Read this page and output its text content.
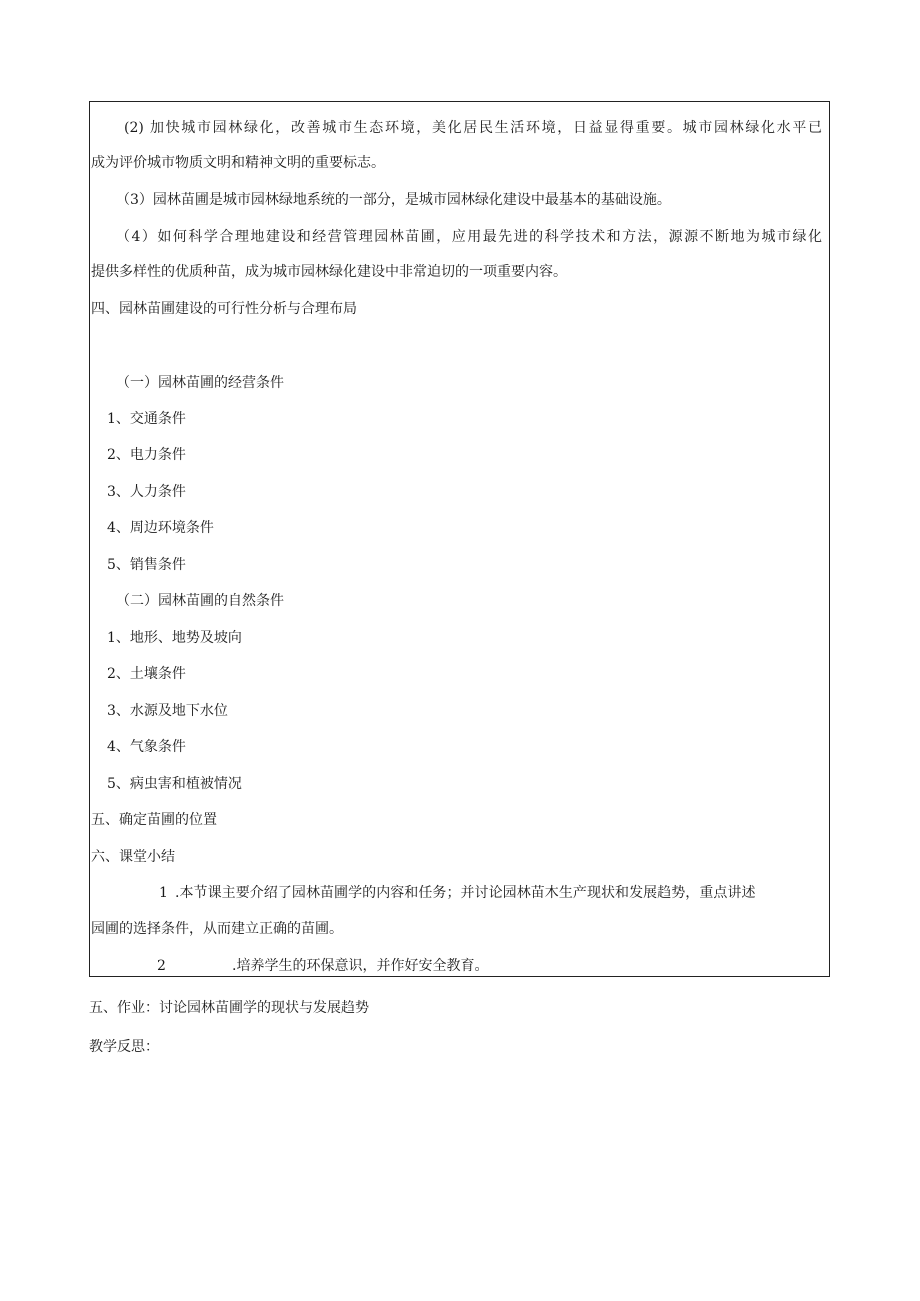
(2) 加快城市园林绿化，改善城市生态环境，美化居民生活环境，日益显得重要。城市园林绿化水平已
成为评价城市物质文明和精神文明的重要标志。
（3）园林苗圃是城市园林绿地系统的一部分，是城市园林绿化建设中最基本的基础设施。
（4）如何科学合理地建设和经营管理园林苗圃，应用最先进的科学技术和方法，源源不断地为城市绿化
提供多样性的优质种苗，成为城市园林绿化建设中非常迫切的一项重要内容。
四、园林苗圃建设的可行性分析与合理布局
（一）园林苗圃的经营条件
1、交通条件
2、电力条件
3、人力条件
4、周边环境条件
5、销售条件
（二）园林苗圃的自然条件
1、地形、地势及坡向
2、土壤条件
3、水源及地下水位
4、气象条件
5、病虫害和植被情况
五、确定苗圃的位置
六、课堂小结
1 .本节课主要介绍了园林苗圃学的内容和任务；并讨论园林苗木生产现状和发展趋势，重点讲述
园圃的选择条件，从而建立正确的苗圃。
2	.培养学生的环保意识，并作好安全教育。
五、作业：讨论园林苗圃学的现状与发展趋势
教学反思：
